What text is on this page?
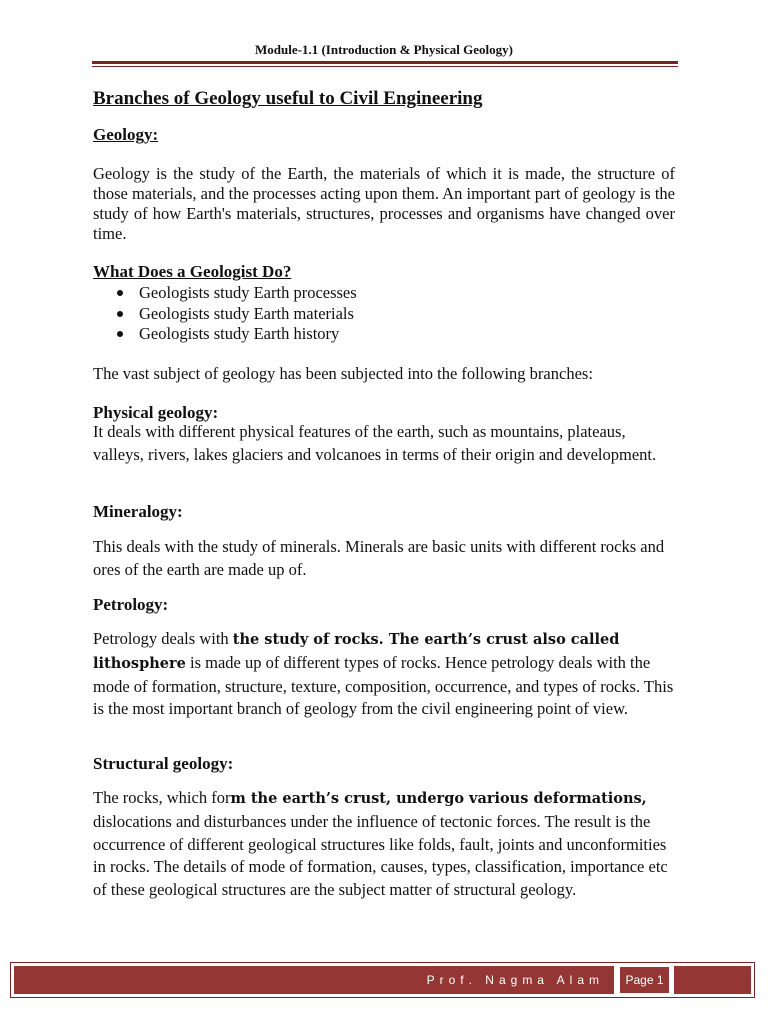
Module-1.1 (Introduction & Physical Geology)
Branches of Geology useful to Civil Engineering
Geology:
Geology is the study of the Earth, the materials of which it is made, the structure of those materials, and the processes acting upon them. An important part of geology is the study of how Earth's materials, structures, processes and organisms have changed over time.
What Does a Geologist Do?
Geologists study Earth processes
Geologists study Earth materials
Geologists study Earth history
The vast subject of geology has been subjected into the following branches:
Physical geology:
It deals with different physical features of the earth, such as mountains, plateaus, valleys, rivers, lakes glaciers and volcanoes in terms of their origin and development.
Mineralogy:
This deals with the study of minerals. Minerals are basic units with different rocks and ores of the earth are made up of.
Petrology:
Petrology deals with the study of rocks. The earth’s crust also called lithosphere is made up of different types of rocks. Hence petrology deals with the mode of formation, structure, texture, composition, occurrence, and types of rocks. This is the most important branch of geology from the civil engineering point of view.
Structural geology:
The rocks, which form the earth’s crust, undergo various deformations, dislocations and disturbances under the influence of tectonic forces. The result is the occurrence of different geological structures like folds, fault, joints and unconformities in rocks. The details of mode of formation, causes, types, classification, importance etc of these geological structures are the subject matter of structural geology.
Prof. Nagma Alam	Page 1
